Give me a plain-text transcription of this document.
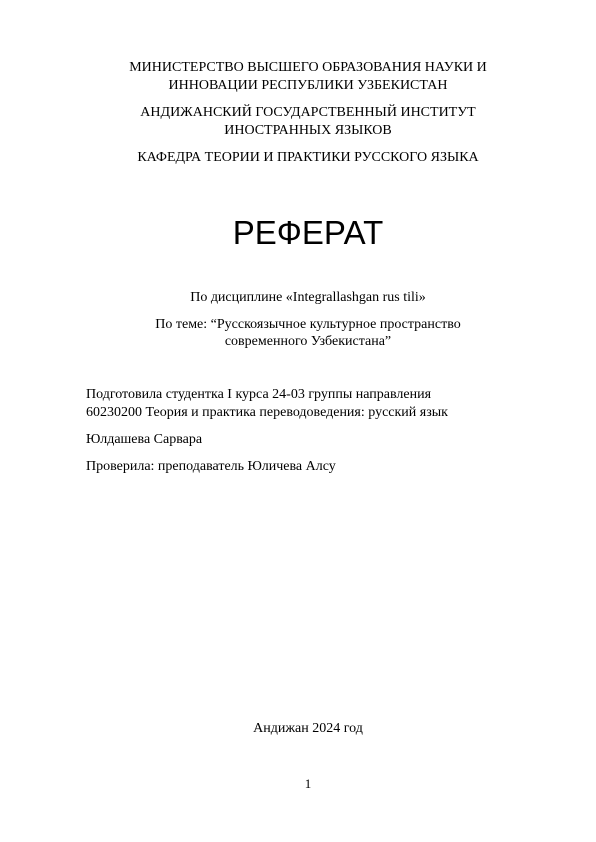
МИНИСТЕРСТВО ВЫСШЕГО ОБРАЗОВАНИЯ НАУКИ И
ИННОВАЦИИ РЕСПУБЛИКИ УЗБЕКИСТАН
АНДИЖАНСКИЙ ГОСУДАРСТВЕННЫЙ ИНСТИТУТ
ИНОСТРАННЫХ ЯЗЫКОВ
КАФЕДРА ТЕОРИИ И ПРАКТИКИ РУССКОГО ЯЗЫКА
РЕФЕРАТ
По дисциплине «Integrallashgan rus tili»
По теме: “Русскоязычное культурное пространство
современного Узбекистана”
Подготовила студентка I курса 24-03 группы направления
60230200 Теория и практика переводоведения: русский язык
Юлдашева Сарвара
Проверила: преподаватель Юличева Алсу
Андижан 2024 год
1
